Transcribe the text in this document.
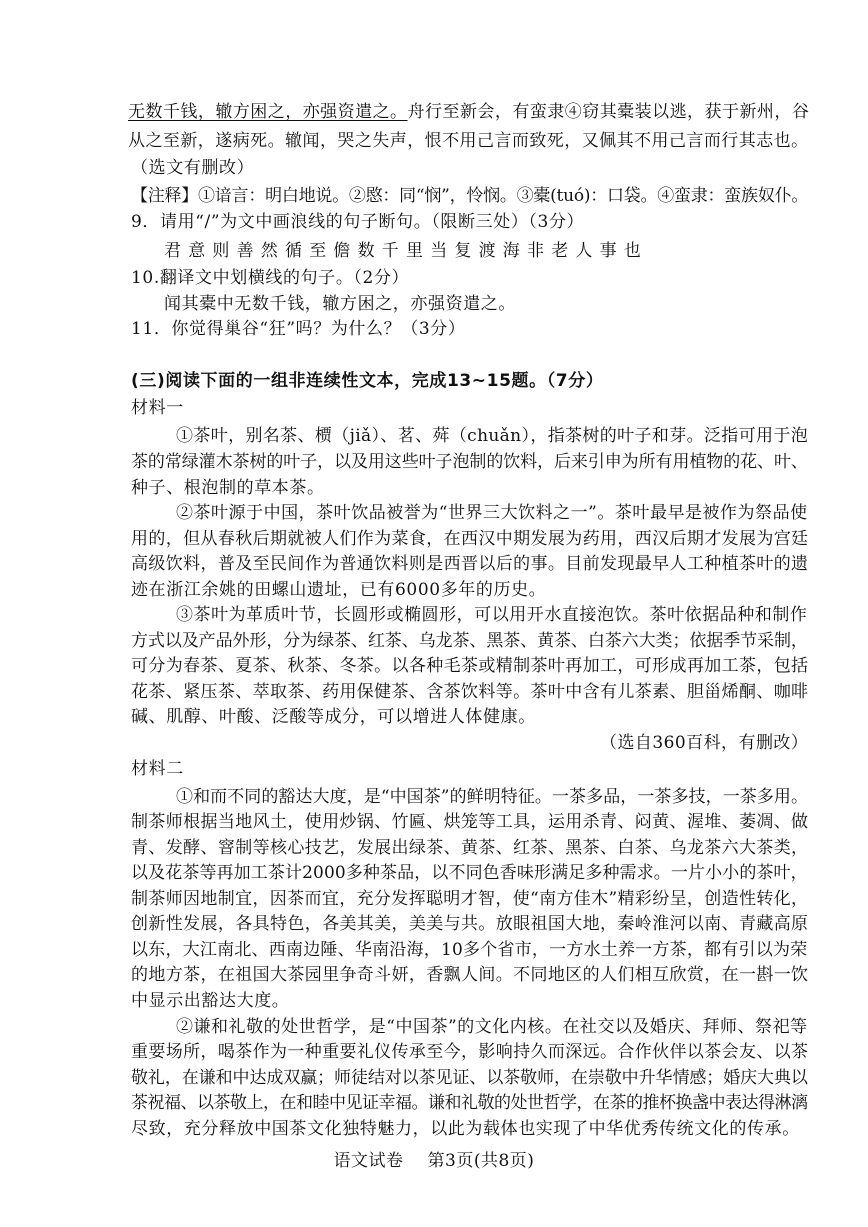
无数千钱，辙方困之，亦强资遣之。舟行至新会，有蛮隶④窃其橐装以逃，获于新州，谷
从之至新，遂病死。辙闻，哭之失声，恨不用己言而致死，又佩其不用己言而行其志也。
（选文有删改）
【注释】①谙言：明白地说。②愍：同“悯”，怜悯。③橐(tuó)：口袋。④蛮隶：蛮族奴仆。
9．请用“/”为文中画浪线的句子断句。（限断三处）（3分）
君意则善然循至儋数千里当复渡海非老人事也
10.翻译文中划横线的句子。（2分）
闻其橐中无数千钱，辙方困之，亦强资遣之。
11．你觉得巢谷“狂”吗？为什么？（3分）
(三)阅读下面的一组非连续性文本，完成13~15题。（7分）
材料一
①茶叶，别名茶、槚（jiǎ）、茗、荈（chuǎn），指茶树的叶子和芽。泛指可用于泡
茶的常绿灌木茶树的叶子，以及用这些叶子泡制的饮料，后来引申为所有用植物的花、叶、
种子、根泡制的草本茶。
②茶叶源于中国，茶叶饮品被誉为“世界三大饮料之一”。茶叶最早是被作为祭品使
用的，但从春秋后期就被人们作为菜食，在西汉中期发展为药用，西汉后期才发展为宫廷
高级饮料，普及至民间作为普通饮料则是西晋以后的事。目前发现最早人工种植茶叶的遗
迹在浙江余姚的田螺山遗址，已有6000多年的历史。
③茶叶为革质叶节，长圆形或椭圆形，可以用开水直接泡饮。茶叶依据品种和制作
方式以及产品外形，分为绿茶、红茶、乌龙茶、黑茶、黄茶、白茶六大类；依据季节采制，
可分为春茶、夏茶、秋茶、冬茶。以各种毛茶或精制茶叶再加工，可形成再加工茶，包括
花茶、紧压茶、萃取茶、药用保健茶、含茶饮料等。茶叶中含有儿茶素、胆甾烯酮、咖啡
碱、肌醇、叶酸、泛酸等成分，可以增进人体健康。
（选自360百科，有删改）
材料二
①和而不同的豁达大度，是“中国茶”的鲜明特征。一茶多品，一茶多技，一茶多用。
制茶师根据当地风土，使用炒锅、竹匾、烘笼等工具，运用杀青、闷黄、渥堆、萎凋、做
青、发酵、窨制等核心技艺，发展出绿茶、黄茶、红茶、黑茶、白茶、乌龙茶六大茶类，
以及花茶等再加工茶计2000多种茶品，以不同色香味形满足多种需求。一片小小的茶叶，
制茶师因地制宜，因茶而宜，充分发挥聪明才智，使“南方佳木”精彩纷呈，创造性转化，
创新性发展，各具特色，各美其美，美美与共。放眼祖国大地，秦岭淮河以南、青藏高原
以东，大江南北、西南边陲、华南沿海，10多个省市，一方水土养一方茶，都有引以为荣
的地方茶，在祖国大茶园里争奇斗妍，香飘人间。不同地区的人们相互欣赏，在一斟一饮
中显示出豁达大度。
②谦和礼敬的处世哲学，是“中国茶”的文化内核。在社交以及婚庆、拜师、祭祀等
重要场所，喝茶作为一种重要礼仪传承至今，影响持久而深远。合作伙伴以茶会友、以茶
敬礼，在谦和中达成双赢；师徒结对以茶见证、以茶敬师，在崇敬中升华情感；婚庆大典以
茶祝福、以茶敬上，在和睦中见证幸福。谦和礼敬的处世哲学，在茶的推杯换盏中表达得淋漓
尽致，充分释放中国茶文化独特魅力，以此为载体也实现了中华优秀传统文化的传承。
语文试卷 第3页(共8页)
